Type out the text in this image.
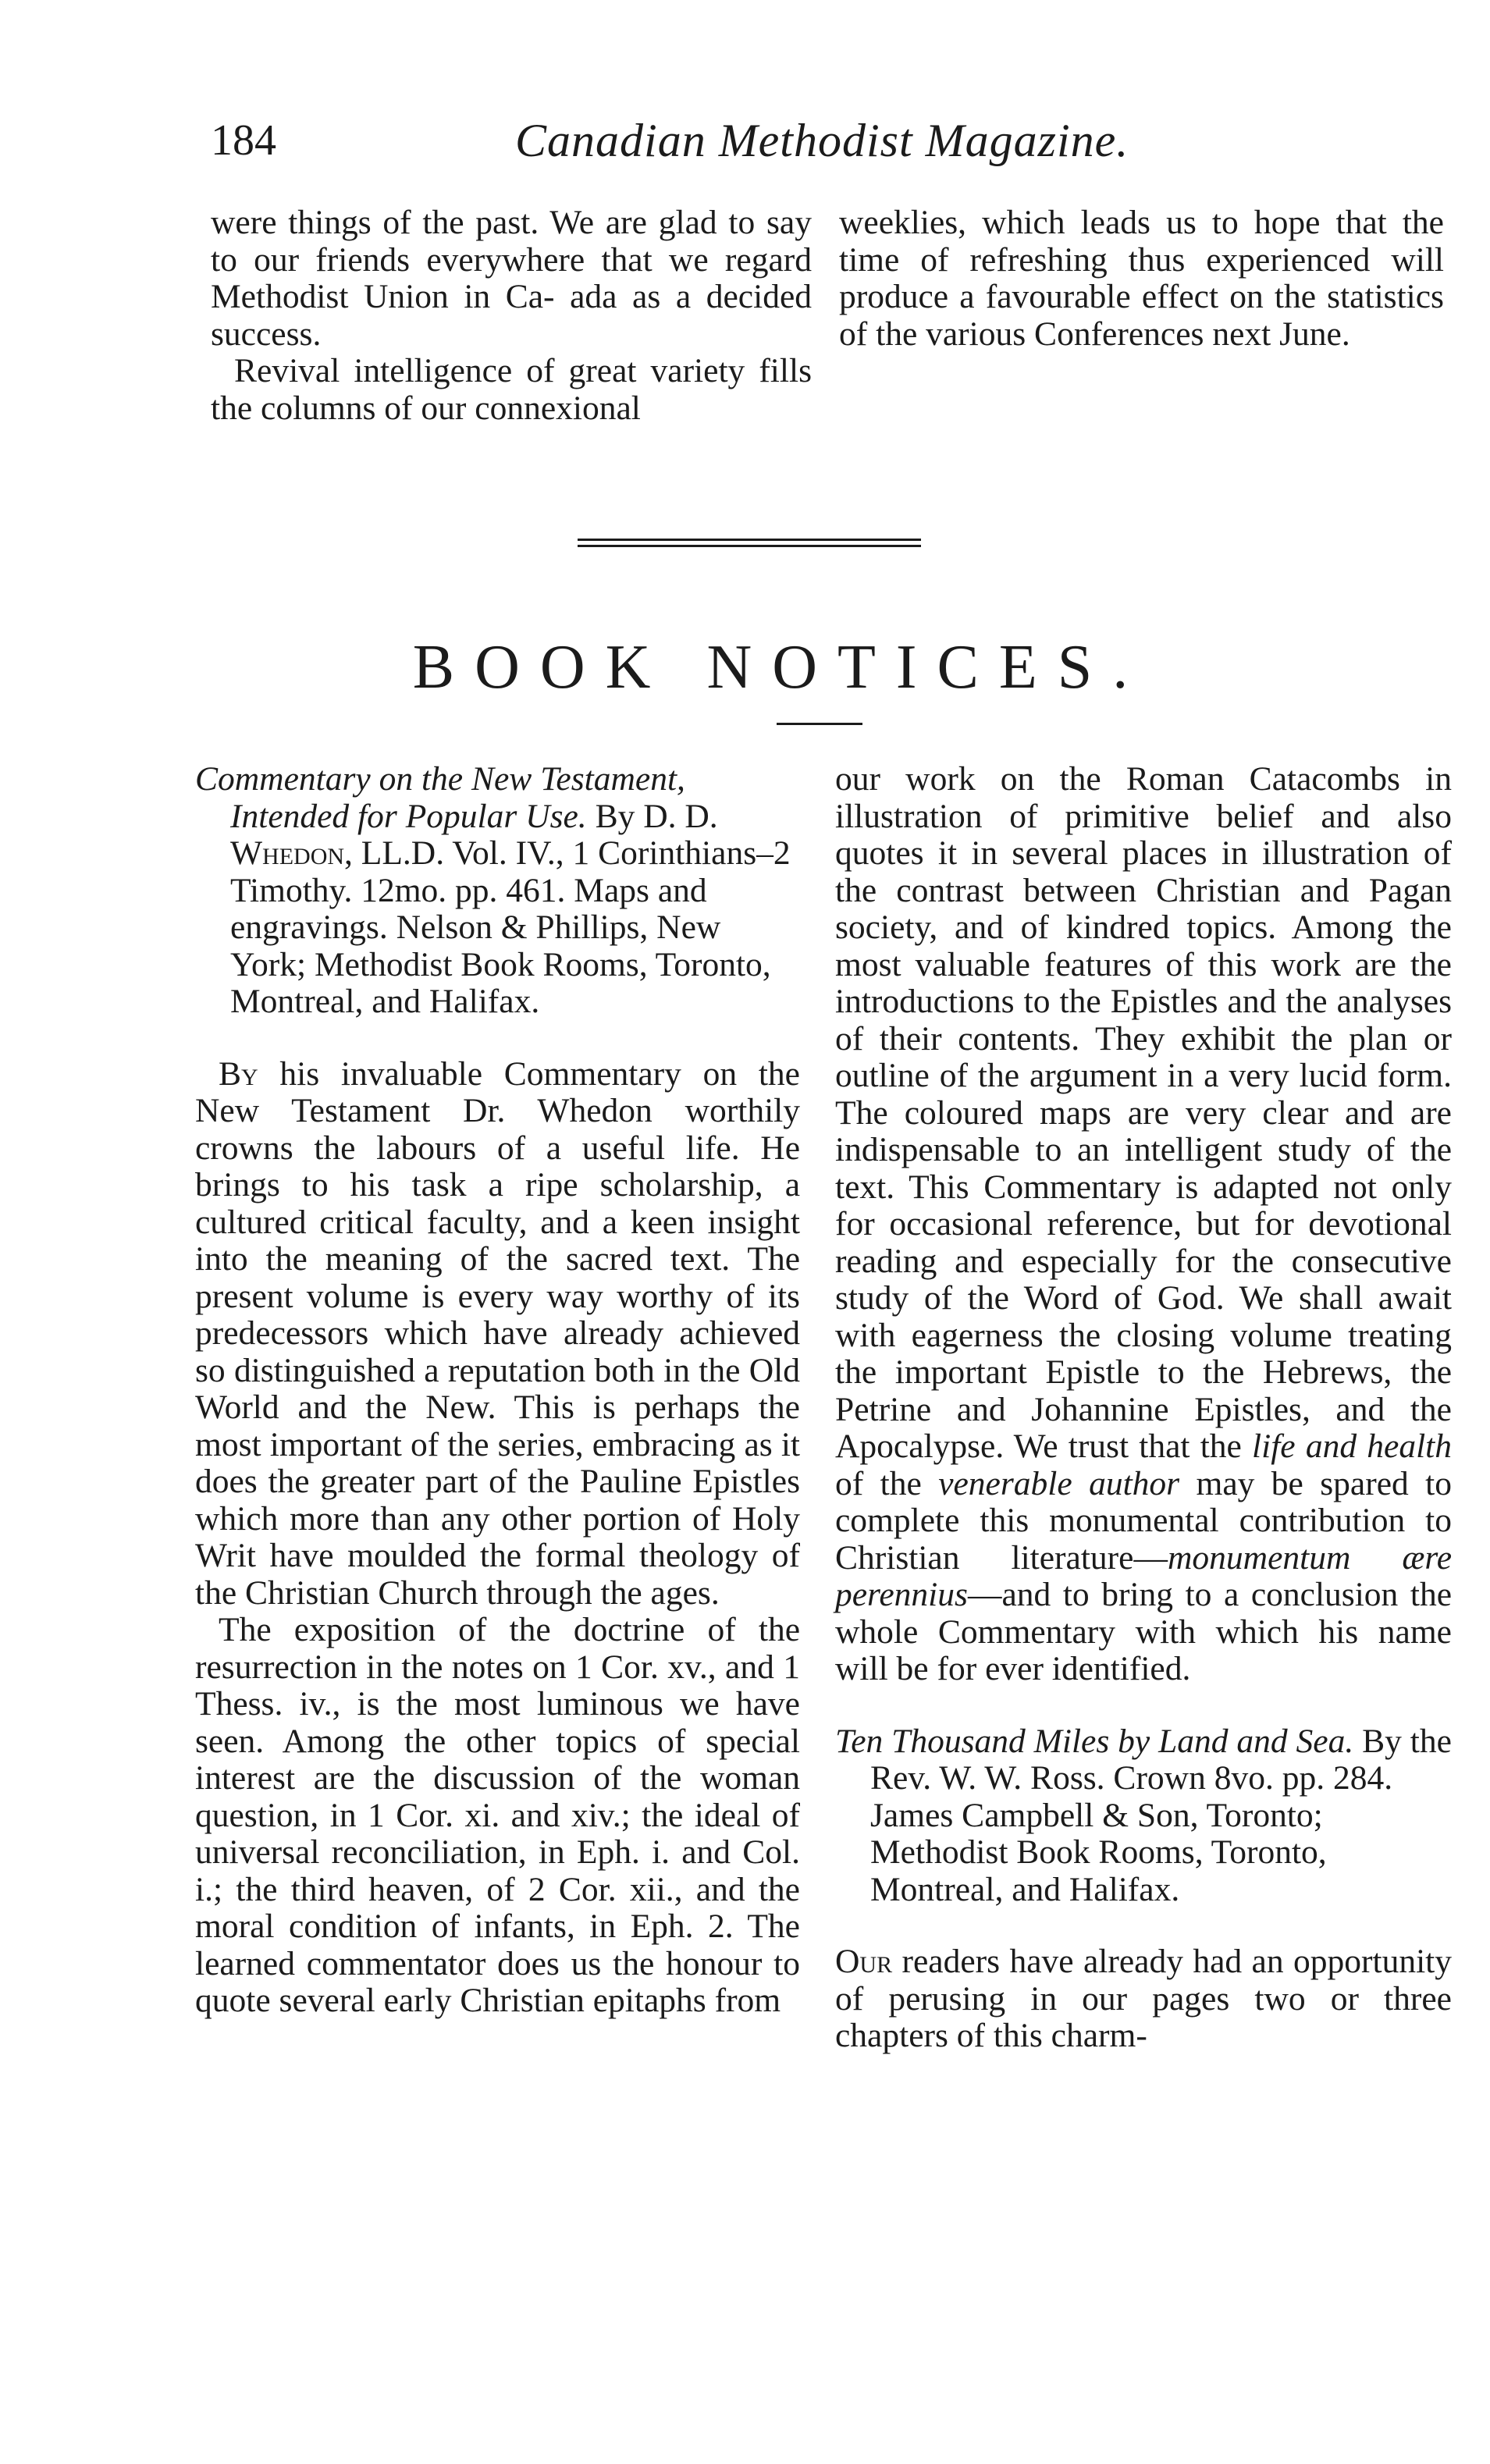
184	Canadian Methodist Magazine.

were things of the past. We are glad to say to our friends everywhere that we regard Methodist Union in Ca- ada as a decided success.

Revival intelligence of great variety fills the columns of our connexional

weeklies, which leads us to hope that the time of refreshing thus experienced will produce a favourable effect on the statistics of the various Conferences next June.

BOOK NOTICES.

Commentary on the New Testament, Intended for Popular Use. By D. D. Whedon, LL.D. Vol. IV., 1 Corinthians–2 Timothy. 12mo. pp. 461. Maps and engravings. Nelson & Phillips, New York; Methodist Book Rooms, Toronto, Montreal, and Halifax.

By his invaluable Commentary on the New Testament Dr. Whedon worthily crowns the labours of a useful life. He brings to his task a ripe scholarship, a cultured critical faculty, and a keen insight into the meaning of the sacred text. The present volume is every way worthy of its predecessors which have already achieved so distinguished a reputation both in the Old World and the New. This is perhaps the most important of the series, embracing as it does the greater part of the Pauline Epistles which more than any other portion of Holy Writ have moulded the formal theology of the Christian Church through the ages.

The exposition of the doctrine of the resurrection in the notes on 1 Cor. xv., and 1 Thess. iv., is the most luminous we have seen. Among the other topics of special interest are the discussion of the woman question, in 1 Cor. xi. and xiv.; the ideal of universal reconciliation, in Eph. i. and Col. i.; the third heaven, of 2 Cor. xii., and the moral condition of infants, in Eph. 2. The learned commentator does us the honour to quote several early Christian epitaphs from

our work on the Roman Catacombs in illustration of primitive belief and also quotes it in several places in illustration of the contrast between Christian and Pagan society, and of kindred topics. Among the most valuable features of this work are the introductions to the Epistles and the analyses of their contents. They exhibit the plan or outline of the argument in a very lucid form. The coloured maps are very clear and are indispensable to an intelligent study of the text. This Commentary is adapted not only for occasional reference, but for devotional reading and especially for the consecutive study of the Word of God. We shall await with eagerness the closing volume treating the important Epistle to the Hebrews, the Petrine and Johannine Epistles, and the Apocalypse. We trust that the life and health of the venerable author may be spared to complete this monumental contribution to Christian literature—monumentum ære perennius—and to bring to a conclusion the whole Commentary with which his name will be for ever identified.

Ten Thousand Miles by Land and Sea. By the Rev. W. W. Ross. Crown 8vo. pp. 284. James Campbell & Son, Toronto; Methodist Book Rooms, Toronto, Montreal, and Halifax.

Our readers have already had an opportunity of perusing in our pages two or three chapters of this charm-
